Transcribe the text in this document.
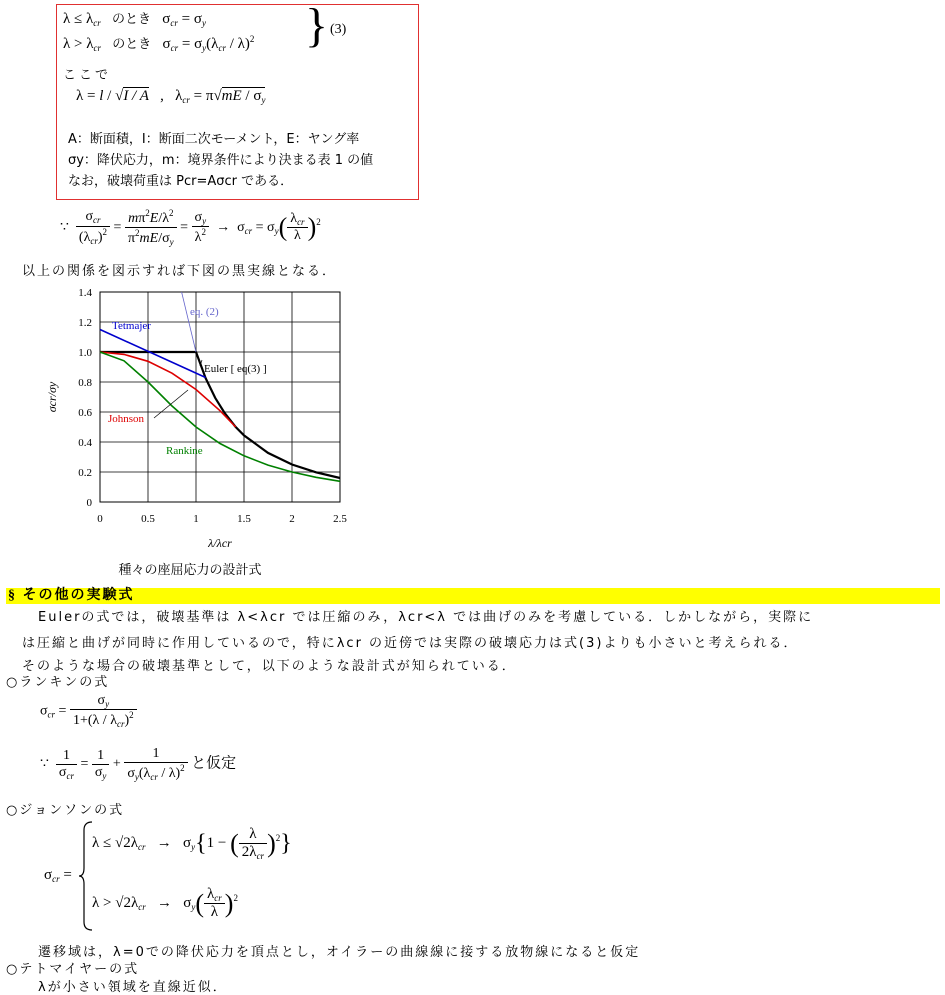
$\lambda \le \lambda_{cr}$ のとき   $\sigma_{cr} = \sigma_y$
$\lambda > \lambda_{cr}$ のとき   $\sigma_{cr} = \sigma_y(\lambda_{cr} / \lambda)^2$ } (3)
ここで
λ = l / √I / A   ,   $\lambda_{cr} = \pi√mE / \sigma_y$
A：断面積，I：断面二次モーメント，E：ヤング率
σy：降伏応力，m：境界条件により決まる表 1 の値
なお，破壊荷重は Pcr=Aσcr である．
∵ $\frac{\sigma_{cr}}{(\lambda_{cr})^2} = \frac{m\pi^2E/\lambda^2}{\pi^2mE/\sigma_y} = \frac{\sigma_y}{\lambda^2} \to \sigma_{cr} = \sigma_y( \frac{\lambda_{cr}}{\lambda} )^2$
以上の関係を図示すれば下図の黒実線となる．
0	0.5	1	1.5	2	2.5
0
0.2
0.4
0.6
0.8
1.0
1.2
1.4
eq. (2)
Tetmajer
Euler [ eq(3) ]
Johnson
Rankine
λ/λcr
σcr/σy
種々の座屈応力の設計式
§ その他の実験式
Eulerの式では，破壊基準は λ<λcr では圧縮のみ，λcr<λ では曲げのみを考慮している．しかしながら，実際に
は圧縮と曲げが同時に作用しているので，特にλcr の近傍では実際の破壊応力は式(3)よりも小さいと考えられる．
そのような場合の破壊基準として，以下のような設計式が知られている．
○ランキンの式
$\sigma_{cr} = \frac{\sigma_y}{1+(\lambda / \lambda_{cr})^2}$
∵ $\frac{1}{\sigma_{cr}} = \frac{1}{\sigma_y} + \frac{1}{\sigma_y(\lambda_{cr} / \lambda)^2}$ と仮定
○ジョンソンの式
$\sigma_{cr}$ =
$\lambda \le √2\lambda_{cr} \to \sigma_y\{1$ − ( $\frac{\lambda}{2\lambda_{cr}} )^2$}
$\lambda > √2\lambda_{cr} \to \sigma_y( \frac{\lambda_{cr}}{\lambda} )^2$
遷移域は，λ=0での降伏応力を頂点とし，オイラーの曲線線に接する放物線になると仮定
○テトマイヤーの式
λが小さい領域を直線近似．
